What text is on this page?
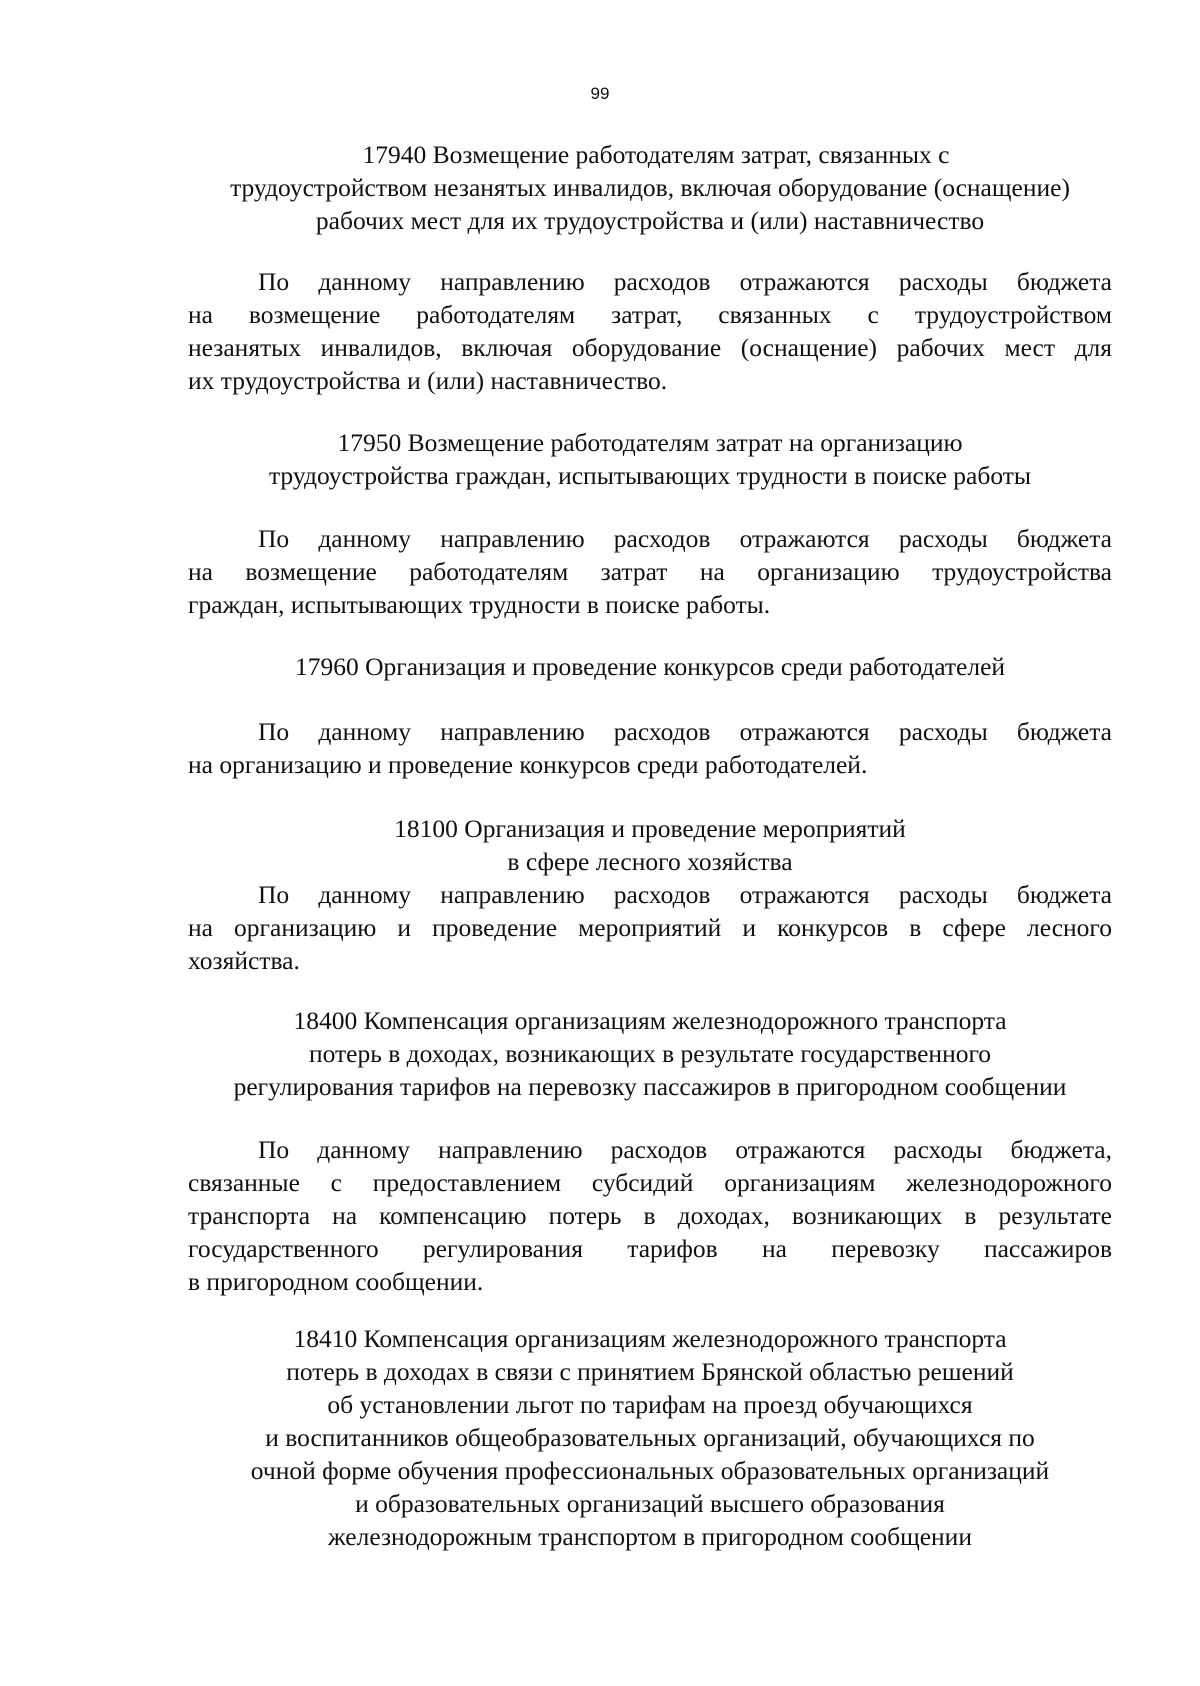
99
17940 Возмещение работодателям затрат, связанных с
трудоустройством незанятых инвалидов, включая оборудование (оснащение)
рабочих мест для их трудоустройства и (или) наставничество
По данному направлению расходов отражаются расходы бюджета
на возмещение работодателям затрат, связанных с трудоустройством
незанятых инвалидов, включая оборудование (оснащение) рабочих мест для
их трудоустройства и (или) наставничество.
17950 Возмещение работодателям затрат на организацию
трудоустройства граждан, испытывающих трудности в поиске работы
По данному направлению расходов отражаются расходы бюджета
на возмещение работодателям затрат на организацию трудоустройства
граждан, испытывающих трудности в поиске работы.
17960 Организация и проведение конкурсов среди работодателей
По данному направлению расходов отражаются расходы бюджета
на организацию и проведение конкурсов среди работодателей.
18100 Организация и проведение мероприятий
в сфере лесного хозяйства
По данному направлению расходов отражаются расходы бюджета
на организацию и проведение мероприятий и конкурсов в сфере лесного
хозяйства.
18400 Компенсация организациям железнодорожного транспорта
потерь в доходах, возникающих в результате государственного
регулирования тарифов на перевозку пассажиров в пригородном сообщении
По данному направлению расходов отражаются расходы бюджета,
связанные с предоставлением субсидий организациям железнодорожного
транспорта на компенсацию потерь в доходах, возникающих в результате
государственного регулирования тарифов на перевозку пассажиров
в пригородном сообщении.
18410 Компенсация организациям железнодорожного транспорта
потерь в доходах в связи с принятием Брянской областью решений
об установлении льгот по тарифам на проезд обучающихся
и воспитанников общеобразовательных организаций, обучающихся по
очной форме обучения профессиональных образовательных организаций
и образовательных организаций высшего образования
железнодорожным транспортом в пригородном сообщении
